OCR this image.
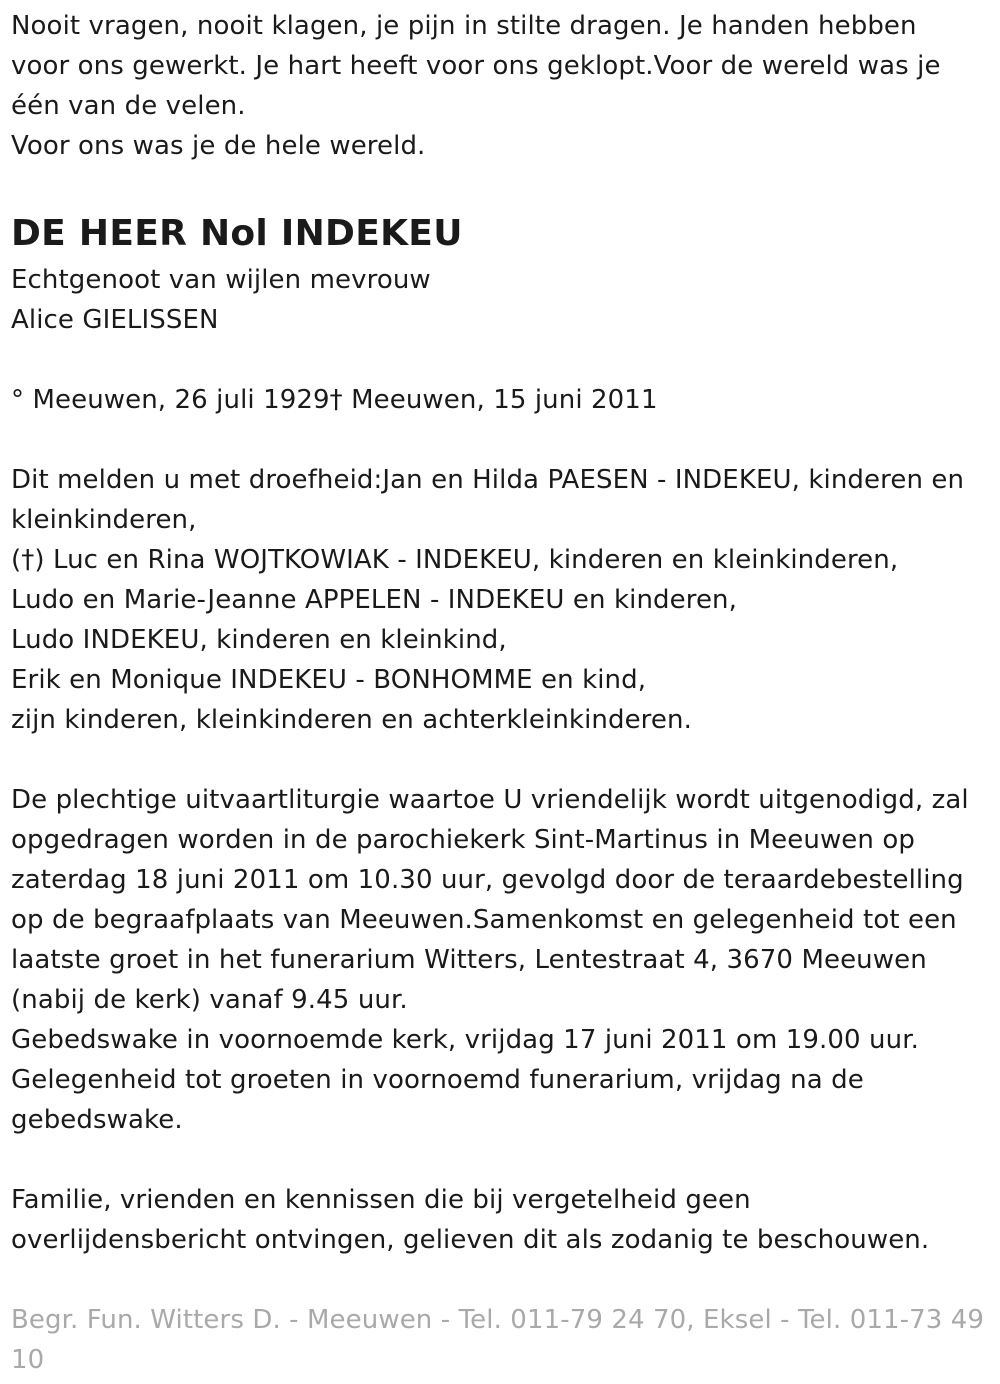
Nooit vragen, nooit klagen, je pijn in stilte dragen. Je handen hebben
voor ons gewerkt. Je hart heeft voor ons geklopt.Voor de wereld was je
één van de velen.
Voor ons was je de hele wereld.

DE HEER Nol INDEKEU

Echtgenoot van wijlen mevrouw
Alice GIELISSEN

° Meeuwen, 26 juli 1929† Meeuwen, 15 juni 2011

Dit melden u met droefheid:Jan en Hilda PAESEN - INDEKEU, kinderen en
kleinkinderen,
(†) Luc en Rina WOJTKOWIAK - INDEKEU, kinderen en kleinkinderen,
Ludo en Marie-Jeanne APPELEN - INDEKEU en kinderen,
Ludo INDEKEU, kinderen en kleinkind,
Erik en Monique INDEKEU - BONHOMME en kind,
zijn kinderen, kleinkinderen en achterkleinkinderen.

De plechtige uitvaartliturgie waartoe U vriendelijk wordt uitgenodigd, zal
opgedragen worden in de parochiekerk Sint-Martinus in Meeuwen op
zaterdag 18 juni 2011 om 10.30 uur, gevolgd door de teraardebestelling
op de begraafplaats van Meeuwen.Samenkomst en gelegenheid tot een
laatste groet in het funerarium Witters, Lentestraat 4, 3670 Meeuwen
(nabij de kerk) vanaf 9.45 uur.
Gebedswake in voornoemde kerk, vrijdag 17 juni 2011 om 19.00 uur.
Gelegenheid tot groeten in voornoemd funerarium, vrijdag na de
gebedswake.

Familie, vrienden en kennissen die bij vergetelheid geen
overlijdensbericht ontvingen, gelieven dit als zodanig te beschouwen.

Begr. Fun. Witters D. - Meeuwen - Tel. 011-79 24 70, Eksel - Tel. 011-73 49
10
